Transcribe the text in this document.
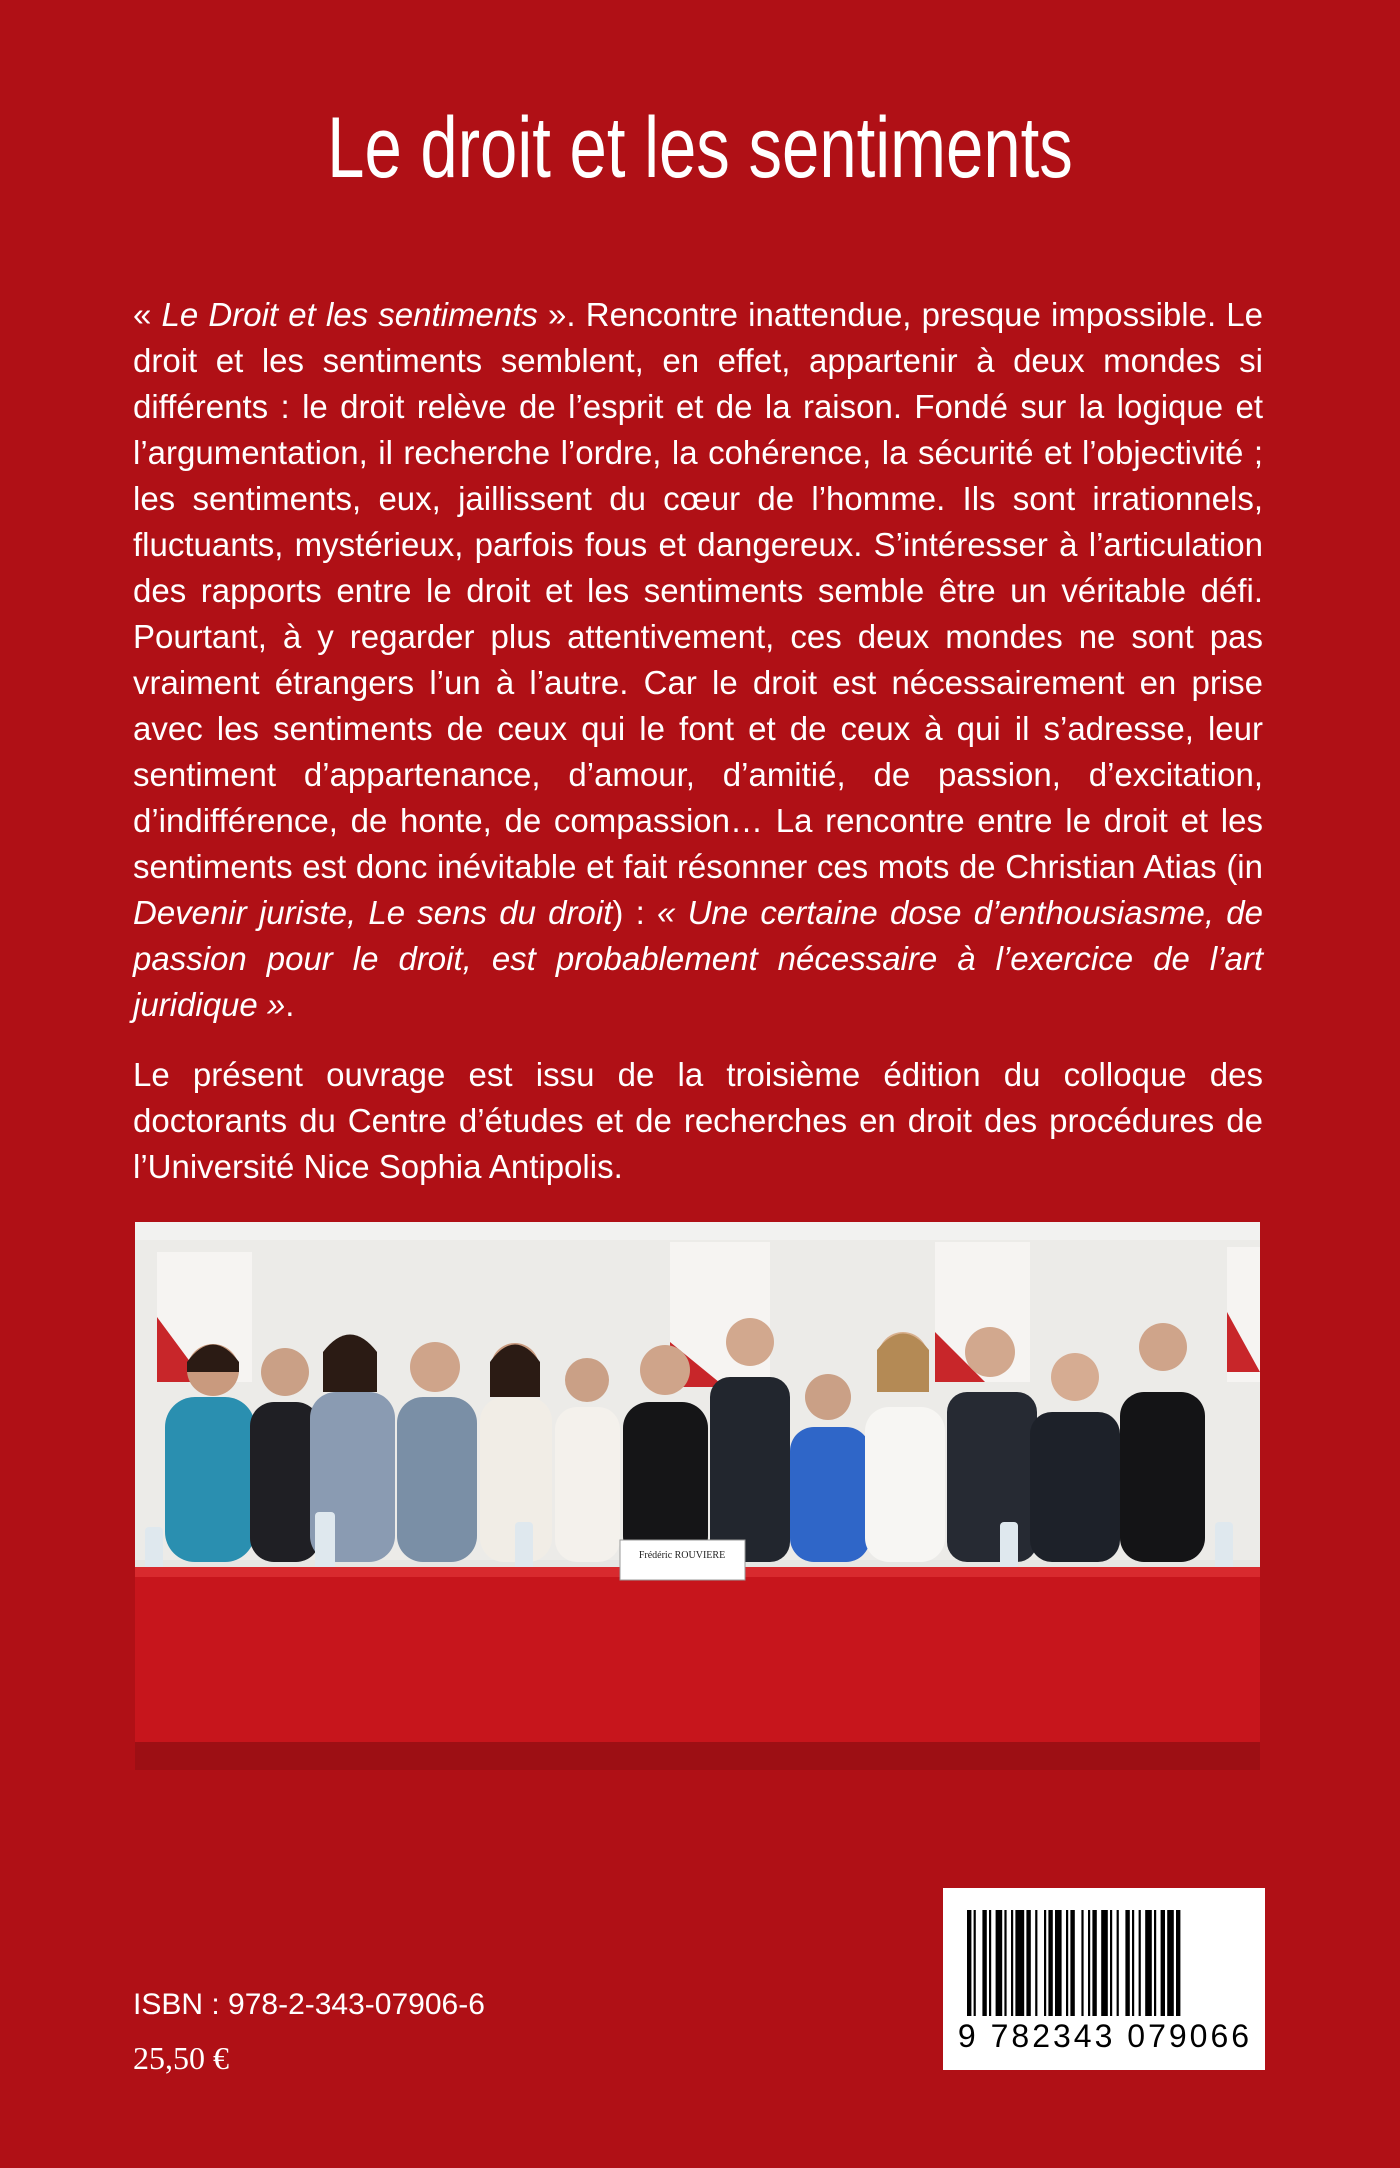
Le droit et les sentiments

« Le Droit et les sentiments ». Rencontre inattendue, presque impossible. Le droit et les sentiments semblent, en effet, appartenir à deux mondes si différents : le droit relève de l’esprit et de la raison. Fondé sur la logique et l’argumentation, il recherche l’ordre, la cohérence, la sécurité et l’objectivité ; les sentiments, eux, jaillissent du cœur de l’homme. Ils sont irrationnels, fluctuants, mystérieux, parfois fous et dangereux. S’intéresser à l’articulation des rapports entre le droit et les sentiments semble être un véritable défi. Pourtant, à y regarder plus attentivement, ces deux mondes ne sont pas vraiment étrangers l’un à l’autre. Car le droit est nécessairement en prise avec les sentiments de ceux qui le font et de ceux à qui il s’adresse, leur sentiment d’appartenance, d’amour, d’amitié, de passion, d’excitation, d’indifférence, de honte, de compassion… La rencontre entre le droit et les sentiments est donc inévitable et fait résonner ces mots de Christian Atias (in Devenir juriste, Le sens du droit) : « Une certaine dose d’enthousiasme, de passion pour le droit, est probablement nécessaire à l’exercice de l’art juridique ».

Le présent ouvrage est issu de la troisième édition du colloque des doctorants du Centre d’études et de recherches en droit des procédures de l’Université Nice Sophia Antipolis.
Frédéric ROUVIERE
ISBN : 978-2-343-07906-6
25,50 €
9 782343 079066
